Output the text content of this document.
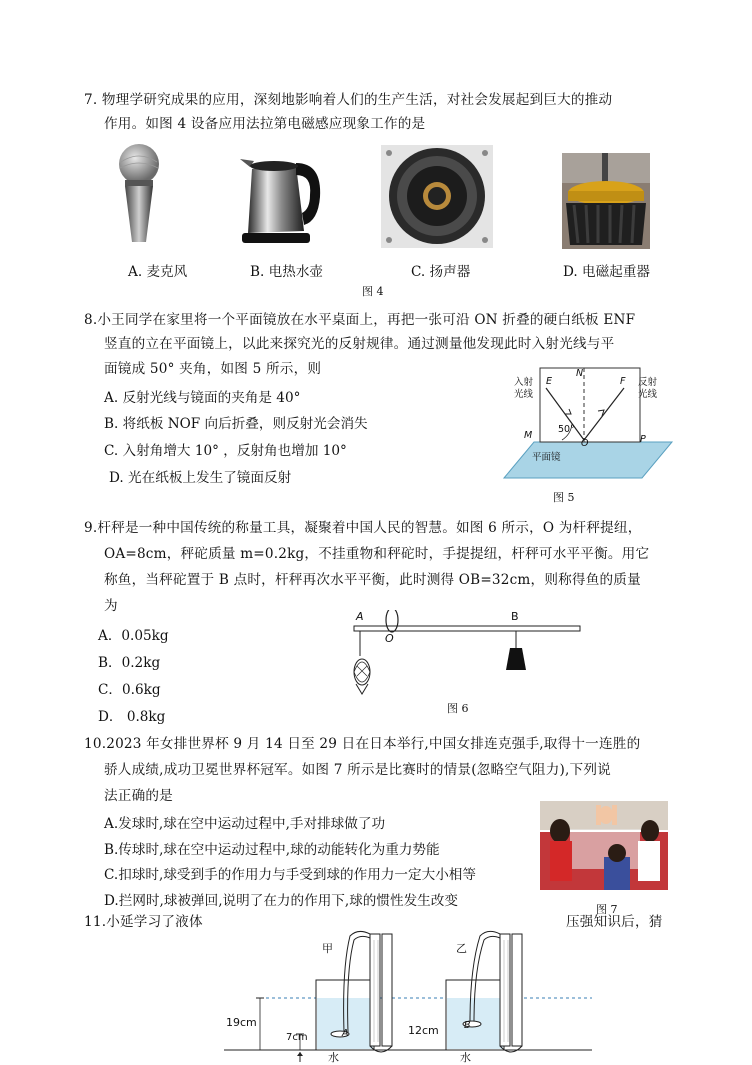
7. 物理学研究成果的应用，深刻地影响着人们的生产生活，对社会发展起到巨大的推动
作用。如图 4 设备应用法拉第电磁感应现象工作的是
A. 麦克风	B. 电热水壶	C. 扬声器	D. 电磁起重器
图 4
8.小王同学在家里将一个平面镜放在水平桌面上，再把一张可沿 ON 折叠的硬白纸板 ENF
竖直的立在平面镜上，以此来探究光的反射规律。通过测量他发现此时入射光线与平
面镜成 50° 夹角，如图 5 所示，则
A. 反射光线与镜面的夹角是 40°
B. 将纸板 NOF 向后折叠，则反射光会消失
C. 入射角增大 10° ，反射角也增加 10°
D. 光在纸板上发生了镜面反射
入射
光线
反射
光线
E
N
F
50°
M
O	P
平面镜
图 5
9.杆秤是一种中国传统的称量工具，凝聚着中国人民的智慧。如图 6 所示，O 为杆秤提纽，
OA=8cm，秤砣质量 m=0.2kg，不挂重物和秤砣时，手提提纽，杆秤可水平平衡。用它
称鱼，当秤砣置于 B 点时，杆秤再次水平平衡，此时测得 OB=32cm，则称得鱼的质量
为
A．0.05kg
B．0.2kg
C．0.6kg
D． 0.8kg
A
O
B
图 6
10.2023 年女排世界杯 9 月 14 日至 29 日在日本举行,中国女排连克强手,取得十一连胜的
骄人成绩,成功卫冕世界杯冠军。如图 7 所示是比赛时的情景(忽略空气阻力),下列说
法正确的是
A.发球时,球在空中运动过程中,手对排球做了功
B.传球时,球在空中运动过程中,球的动能转化为重力势能
C.扣球时,球受到手的作用力与手受到球的作用力一定大小相等
D.拦网时,球被弹回,说明了在力的作用下,球的惯性发生改变
图 7
11.小延学习了液体	压强知识后，猜
甲	乙
19cm
7cm
12cm
A
B
水	水
